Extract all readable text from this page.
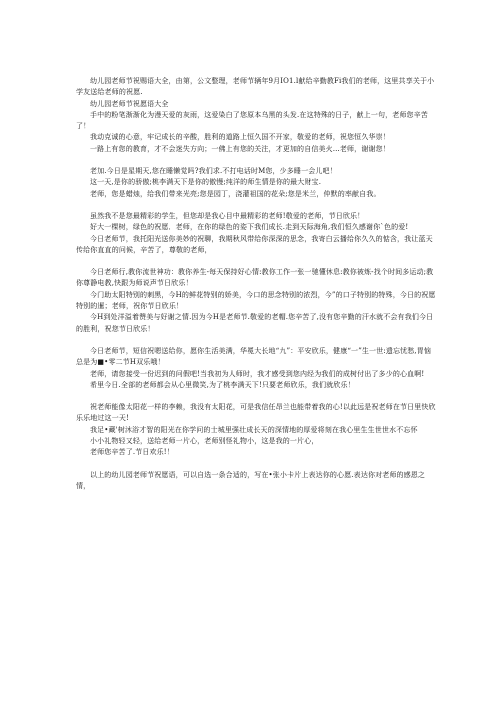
幼儿园老师节祝赐语大全，由第，公文整理，老师节辆年9月IO1.l献给辛勤教Fi我们的老师，这里共享关于小学友送给老师的祝愿.

幼儿园老师节祝愿语大全

手中的粉笔渐渐化为漫天爱的灰雨，这爱染白了您原本乌黑的头发.在这特殊的日子，献上一句，老师您辛苦了！

我动克诚的心意，牢记成长的辛酸，胜利的道路上恒久国不开家，敬爱的老师，祝您恒久华崇！

一路上有您的教育，才不会迷失方向；一佛上有您的关注，才更加的自信美火…老师，谢谢您！

老加.今日是星期天,您在睡懒觉吗?我们求.不打电话时M您，少多睡一会儿吧！

这一天,是你的骄傲;桃李满天下是你的傲慢;纯洋的师生情是你的最大财宝.

老师，您是蜡烛，给我们带来光亮;您是园丁，浇灌祖国的花朵;您是米兰，仲默的率献自我。

虽然我不是您最精彩的学生，但您却是我心目中最精彩的老师!敬爱的老师，节日欣乐！

好大一棵树，绿色的祝愿．老师，在你的绿色的姿下我们成长.走到天际海角,我们恒久感谢你`色的爱!

今日老师节，我托阳光送你美妙的祝聊，我期秋风带给你深深的思念，我寄白云播给你久久的惦含，我让蓝天传给你直直的问候，辛苦了，尊敬的老师，

今日老师行,教你流世神功：教你养生-每天保持好心情:教你工作一张一驰懂休息:教你被炼-找个时间多运动;教你尊静电教,快跟为师说声节日欣乐！

今门助太阳特别的刺黑，今H的鲜花特别的娇美，今口的思念特别的浓烈，今”的口子特别的特殊，今日的祝愿特别的暹；老师，祝你节日欣乐！

今H到处洋溢着赞美与好谢之情.因为今H是老师节.敬爱的老帽.您辛苦了,没有您辛勤的汗水就不会有我们今日的胜利，祝您节日欣乐！

今日老师节，短信祝嗯送给你，愿你生活美满，华冕大长地“九”：平安欣乐，健康“一”生一世:遗忘忧愁,胃恼总是为■•零二节H双乐哦！

老师，请您接受一份迟到的问假吧!当我初为人师时，我才感受到您内经为我们的成树付出了多少的心血啊!

希里今日.全部的老师都会从心里微笑,为了桃李满天下!只要老师欣乐，我们就欣乐！

祝老师能像太阳花一样的李赖，我没有太阳花，可是我信任昂兰也能带着我的心!以此远是祝老师在节日里快欣乐乐地过这一天!

我足•藏'树沐浴才智的阳光在你学问的士城里强壮成长天的深情地的厚爱将刻在我心里生生世世水不忘怀

小小礼物轻又轻，送给老师一片心，老师别怪礼物小，这是我的一片心，

老师您辛苦了.节日欢乐!！

以上的幼儿园老师节祝愿语，可以自选一条合适的，写在•张小卡片上表达你的心愿.表达你对老师的感恩之情，
